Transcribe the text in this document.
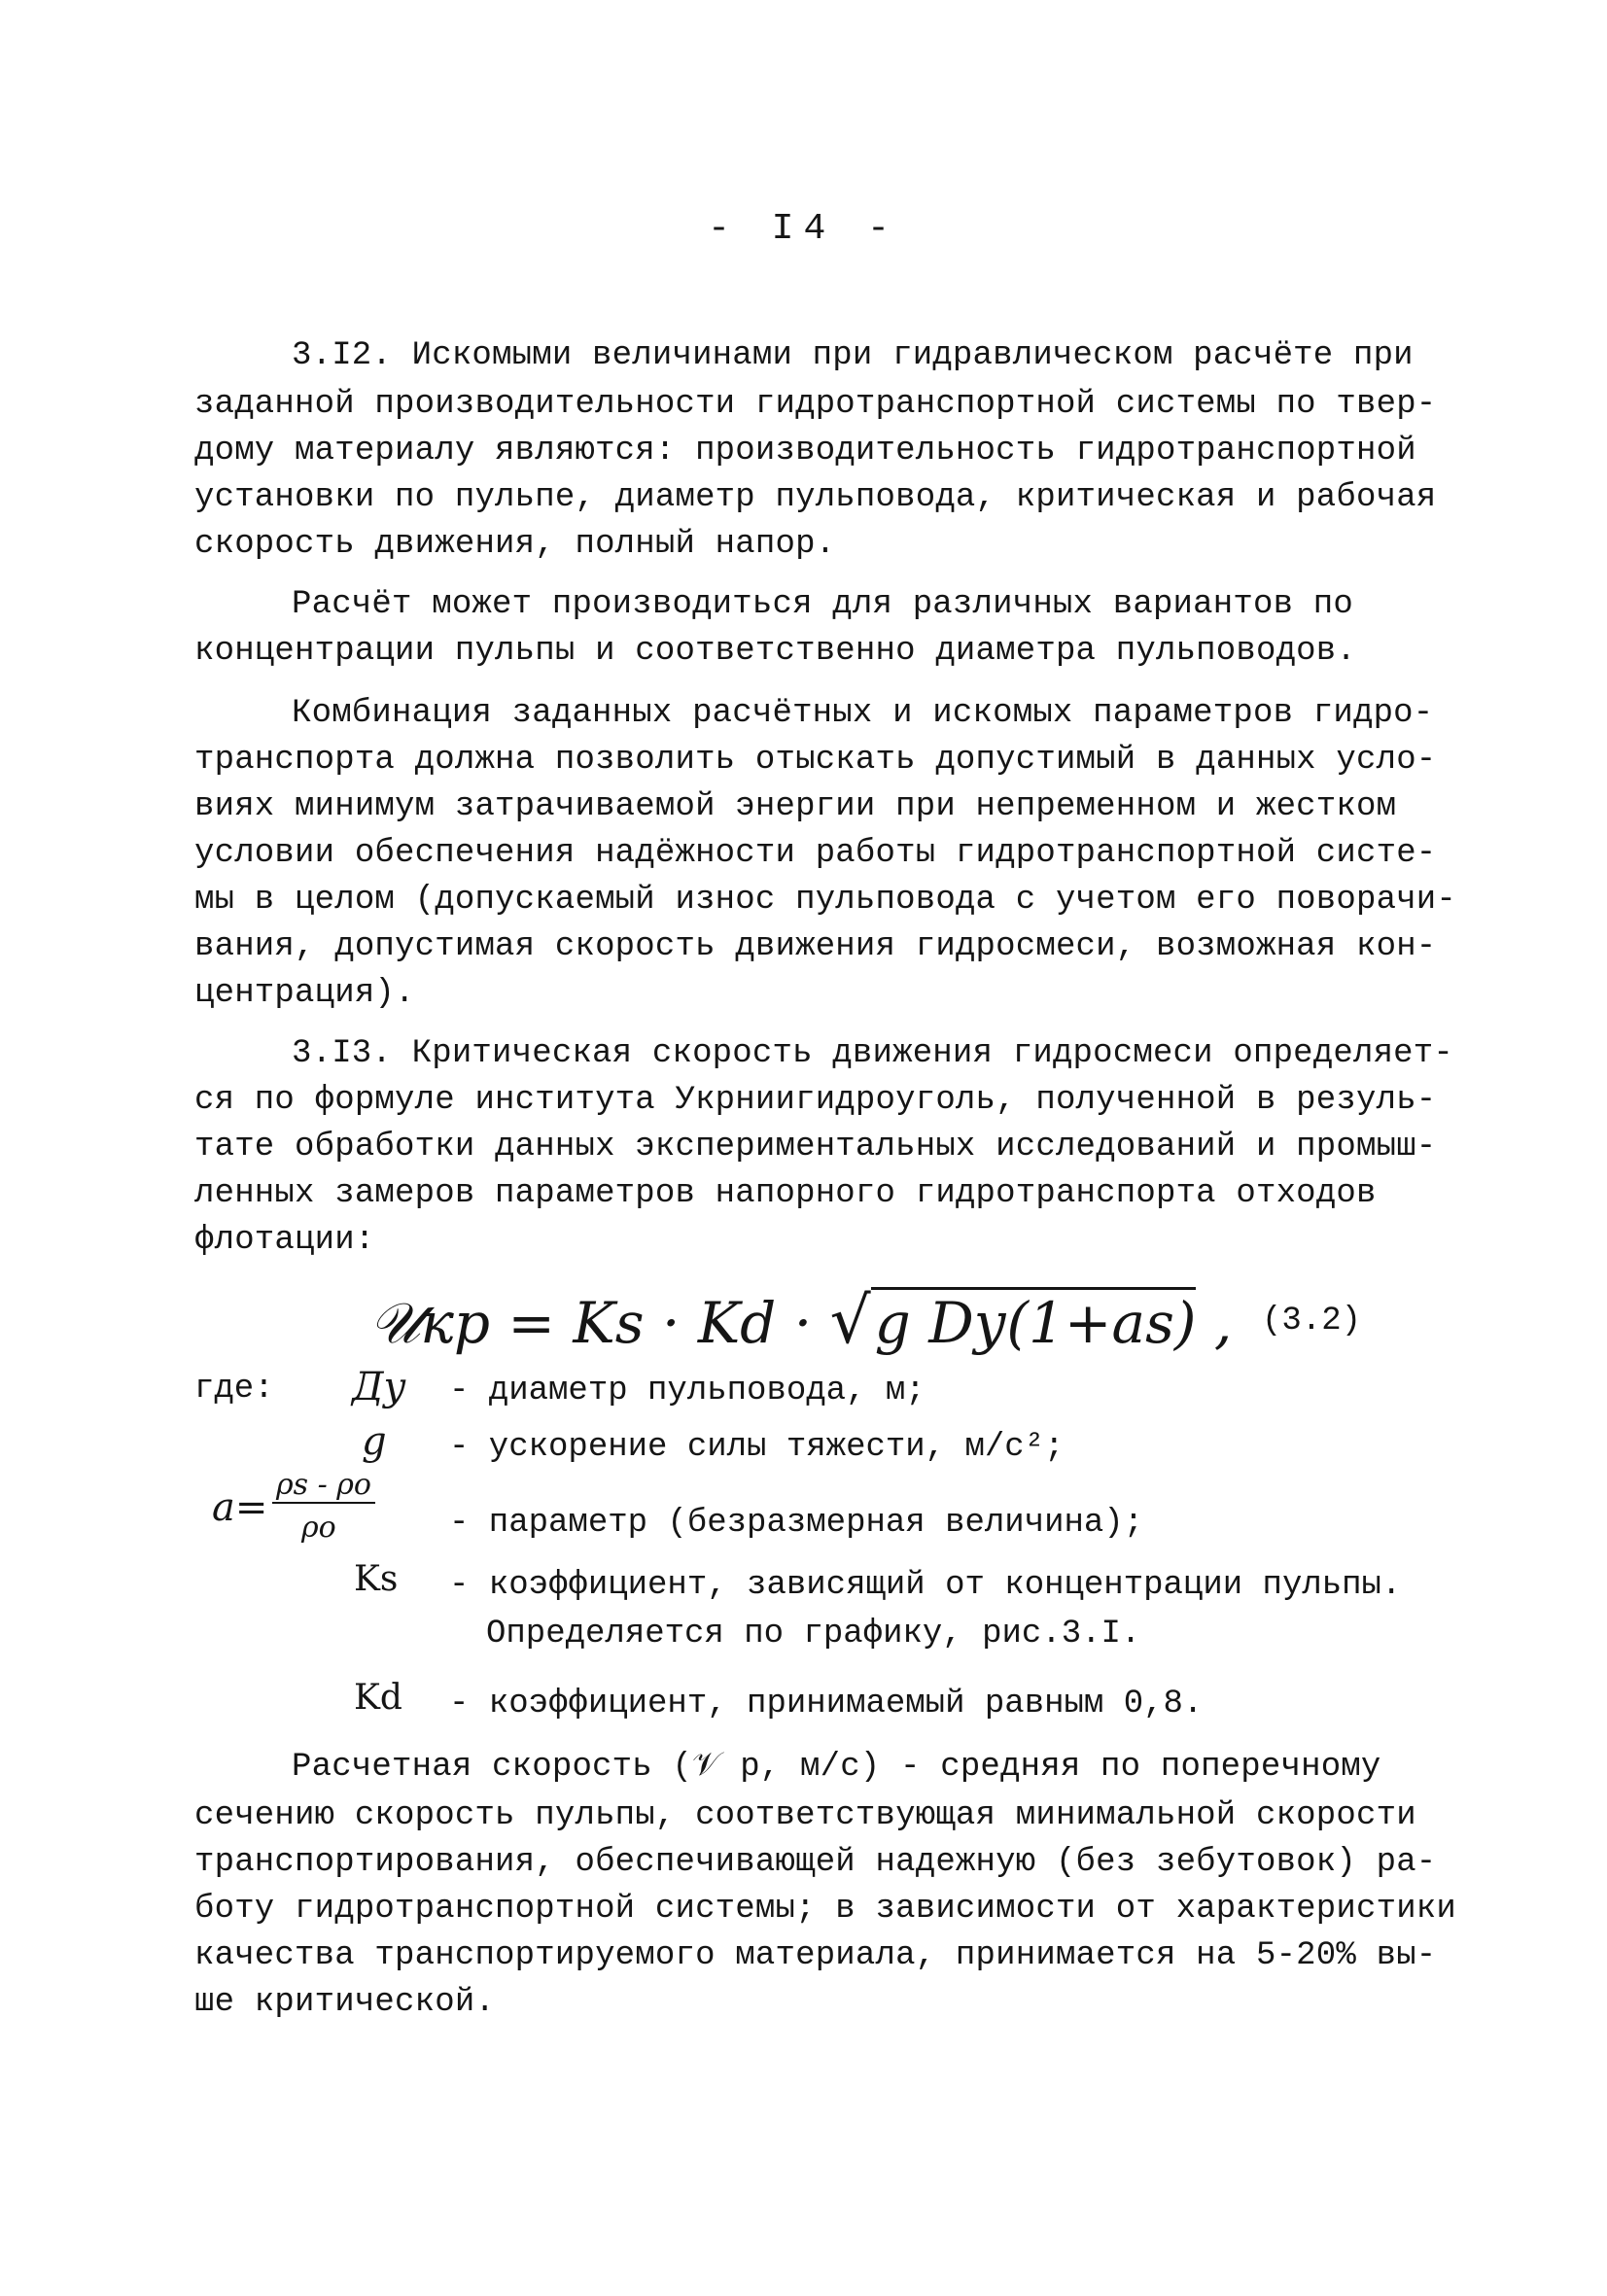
- I4 -
3.I2. Искомыми величинами при гидравлическом расчёте при
заданной производительности гидротранспортной системы по твер-
дому материалу являются: производительность гидротранспортной
установки по пульпе, диаметр пульповода, критическая и рабочая
скорость движения, полный напор.
Расчёт может производиться для различных вариантов по
концентрации пульпы и соответственно диаметра пульповодов.
Комбинация заданных расчётных и искомых параметров гидро-
транспорта должна позволить отыскать допустимый в данных усло-
виях минимум затрачиваемой энергии при непременном и жестком
условии обеспечения надёжности работы гидротранспортной систе-
мы в целом (допускаемый износ пульповода с учетом его поворачи-
вания, допустимая скорость движения гидросмеси, возможная кон-
центрация).
3.I3. Критическая скорость движения гидросмеси определяет-
ся по формуле института Укрниигидроуголь, полученной в резуль-
тате обработки данных экспериментальных исследований и промыш-
ленных замеров параметров напорного гидротранспорта отходов
флотации:
𝒰кр = Ks · Kd · √g Dу(1+as) , (3.2)
где: Дy - диаметр пульповода, м;
g - ускорение силы тяжести, м/с²;
a=
ρs - ρo
ρo	- параметр (безразмерная величина);
Ks - коэффициент, зависящий от концентрации пульпы.
Определяется по графику, рис.3.I.
Kd - коэффициент, принимаемый равным 0,8.
Расчетная скорость (𝒱 р, м/с) - средняя по поперечному
сечению скорость пульпы, соответствующая минимальной скорости
транспортирования, обеспечивающей надежную (без зебутовок) ра-
боту гидротранспортной системы; в зависимости от характеристики
качества транспортируемого материала, принимается на 5-20% вы-
ше критической.
